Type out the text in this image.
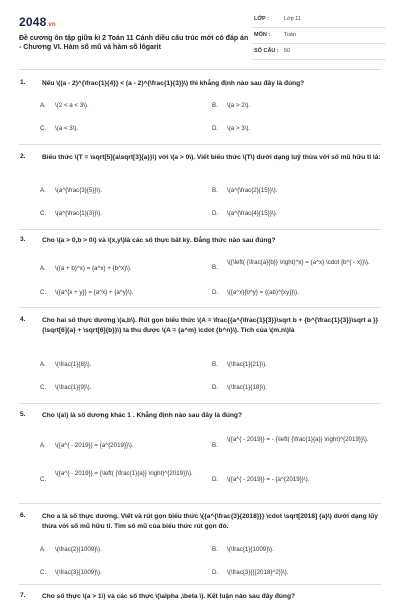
2048.vn
Đề cương ôn tập giữa kì 2 Toán 11 Cánh diều cấu trúc mới có đáp án - Chương VI. Hàm số mũ và hàm số lôgarit
LỚP :	Lớp 11
MÔN :	Toán
SỐ CÂU : 50
1.	Nếu \((a - 2)^{\frac{1}{4}} < (a - 2)^{\frac{1}{3}}\) thì khẳng định nào sau đây là đúng?
A. \(2 < a < 3\).	B. \(a > 2\).
C. \(a < 3\).	D. \(a > 3\).
2.	Biểu thức \(T = \sqrt[5]{a\sqrt[3]{a}}\) với \(a > 0\). Viết biểu thức \(T\) dưới dạng luỹ thừa với số mũ hữu tỉ là:
A. \(a^{\frac{3}{5}}\).	B. \(a^{\frac{2}{15}}\).
C. \(a^{\frac{1}{3}}\).	D. \(a^{\frac{4}{15}}\).
3.	Cho \(a > 0,b > 0\) và \(x,y\)là các số thực bất kỳ. Đẳng thức nào sau đúng?
A. \((a + b)^x) = {a^x} + {b^x}\).	B.
\({\left( {\frac{a}{b}} \right)^x} = {a^x} \cdot {b^{ - x}}\).
C. \({a^{x + y}} = {a^x} + {a^y}\).	D. \({a^x}{b^y} = {(ab)^{xy}}\).
4.	Cho hai số thực dương \(a,b\). Rút gọn biểu thức \(A = \frac{{a^{\frac{1}{3}}\sqrt b + {b^{\frac{1}{3}}\sqrt a }}{\sqrt[6]{a} + \sqrt[6]{b}}\) ta thu được \(A = {a^m} \cdot {b^n}\). Tích của \(m.n\)là
A. \(\frac{1}{8}\).	B. \(\frac{1}{21}\).
C. \(\frac{1}{9}\).	D. \(\frac{1}{18}\).
5.	Cho \(a\) là số dương khác 1 . Khẳng định nào sau đây là đúng?
A. \({a^{ - 2019}} = {a^{2019}}\).	B.
\({a^{ - 2019}} = - {\left( {\frac{1}{a}} \right)^{2019}}\).
C.
\({a^{ - 2019}} = {\left( {\frac{1}{a}} \right)^{2019}}\).
D. \({a^{ - 2019}} = - {a^{2019}}\).
6.	Cho a là số thực dương. Viết và rút gọn biểu thức \({a^{\frac{3}{2018}}} \cdot \sqrt[2018] {a}\) dưới dạng lũy thừa với số mũ hữu tỉ. Tìm số mũ của biểu thức rút gọn đó.
A. \(\frac{2}{1009}\).	B. \(\frac{1}{1009}\).
C. \(\frac{3}{1009}\).	D. \(\frac{3}{{{2018}^2}}\).
7.	Cho số thực \(a > 1\) và các số thực \(\alpha ,\beta \). Kết luận nào sau đây đúng?
